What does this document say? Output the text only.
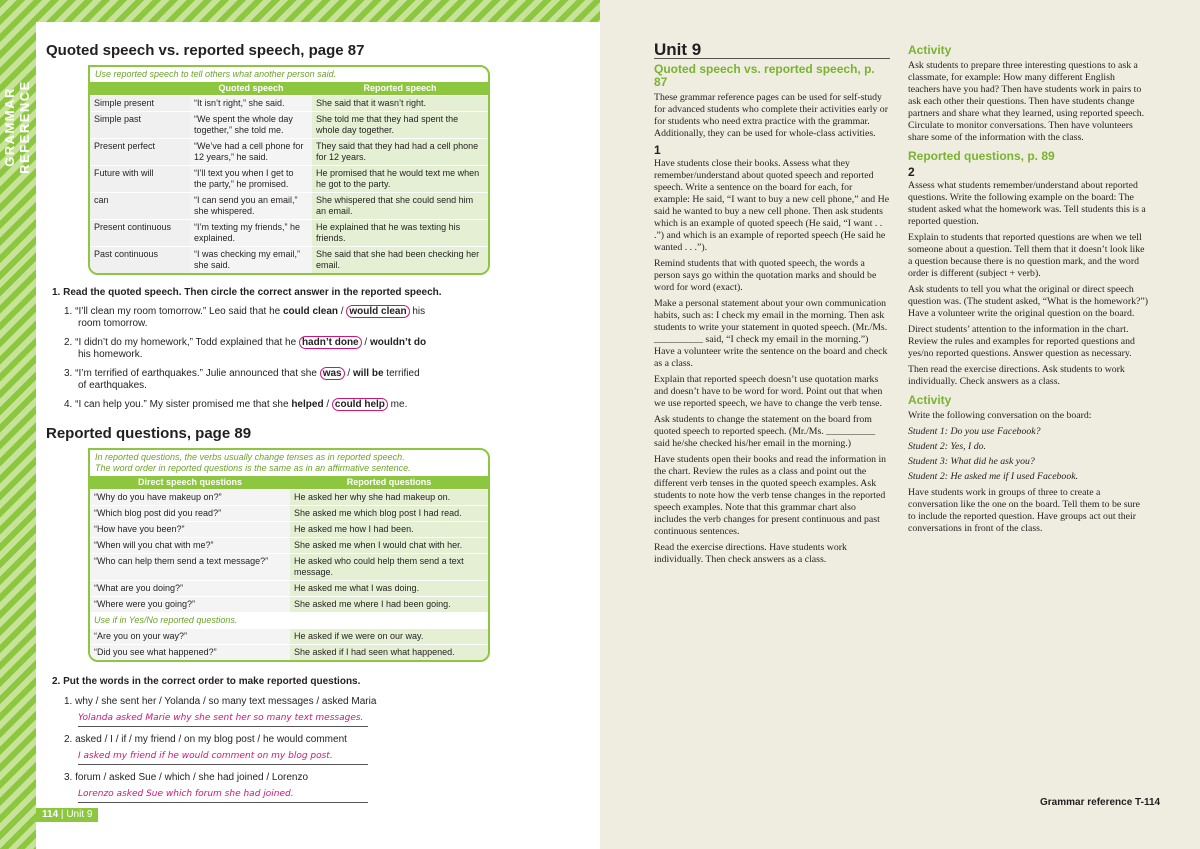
GRAMMAR REFERENCE
Quoted speech vs. reported speech, page 87
Use reported speech to tell others what another person said.
	Quoted speech	Reported speech
Simple present	“It isn’t right,” she said.	She said that it wasn’t right.
Simple past	“We spent the whole day together,” she told me.	She told me that they had spent the whole day together.
Present perfect	“We’ve had a cell phone for 12 years,” he said.	They said that they had had a cell phone for 12 years.
Future with will	“I’ll text you when I get to the party,” he promised.	He promised that he would text me when he got to the party.
can	“I can send you an email,” she whispered.	She whispered that she could send him an email.
Present continuous	“I’m texting my friends,” he explained.	He explained that he was texting his friends.
Past continuous	“I was checking my email,” she said.	She said that she had been checking her email.
1. Read the quoted speech. Then circle the correct answer in the reported speech.
1. “I’ll clean my room tomorrow.” Leo said that he could clean / would clean his
room tomorrow.
2. “I didn’t do my homework,” Todd explained that he hadn’t done / wouldn’t do
his homework.
3. “I’m terrified of earthquakes.” Julie announced that she was / will be terrified
of earthquakes.
4. “I can help you.” My sister promised me that she helped / could help me.
Reported questions, page 89
In reported questions, the verbs usually change tenses as in reported speech.
The word order in reported questions is the same as in an affirmative sentence.
Direct speech questions	Reported questions
“Why do you have makeup on?”	He asked her why she had makeup on.
“Which blog post did you read?”	She asked me which blog post I had read.
“How have you been?”	He asked me how I had been.
“When will you chat with me?”	She asked me when I would chat with her.
“Who can help them send a text message?”	He asked who could help them send a text message.
“What are you doing?”	He asked me what I was doing.
“Where were you going?”	She asked me where I had been going.
Use if in Yes/No reported questions.	
“Are you on your way?”	He asked if we were on our way.
“Did you see what happened?”	She asked if I had seen what happened.
2. Put the words in the correct order to make reported questions.
1. why / she sent her / Yolanda / so many text messages / asked Maria
Yolanda asked Marie why she sent her so many text messages.
2. asked / I / if / my friend / on my blog post / he would comment
I asked my friend if he would comment on my blog post.
3. forum / asked Sue / which / she had joined / Lorenzo
Lorenzo asked Sue which forum she had joined.
114 | Unit 9
Unit 9
Quoted speech vs. reported speech, p. 87

These grammar reference pages can be used for self-study for advanced students who complete their activities early or for students who need extra practice with the grammar. Additionally, they can be used for whole-class activities.

1

Have students close their books. Assess what they remember/understand about quoted speech and reported speech. Write a sentence on the board for each, for example: He said, “I want to buy a new cell phone,” and He said he wanted to buy a new cell phone. Then ask students which is an example of quoted speech (He said, “I want . . .”) and which is an example of reported speech (He said he wanted . . .”).

Remind students that with quoted speech, the words a person says go within the quotation marks and should be word for word (exact).

Make a personal statement about your own communication habits, such as: I check my email in the morning. Then ask students to write your statement in quoted speech. (Mr./Ms. __________ said, “I check my email in the morning.”) Have a volunteer write the sentence on the board and check as a class.

Explain that reported speech doesn’t use quotation marks and doesn’t have to be word for word. Point out that when we use reported speech, we have to change the verb tense.

Ask students to change the statement on the board from quoted speech to reported speech. (Mr./Ms. __________ said he/she checked his/her email in the morning.)

Have students open their books and read the information in the chart. Review the rules as a class and point out the different verb tenses in the quoted speech examples. Ask students to note how the verb tense changes in the reported speech examples. Note that this grammar chart also includes the verb changes for present continuous and past continuous sentences.

Read the exercise directions. Have students work individually. Then check answers as a class.

Activity

Ask students to prepare three interesting questions to ask a classmate, for example: How many different English teachers have you had? Then have students work in pairs to ask each other their questions. Then have students change partners and share what they learned, using reported speech. Circulate to monitor conversations. Then have volunteers share some of the information with the class.

Reported questions, p. 89
2

Assess what students remember/understand about reported questions. Write the following example on the board: The student asked what the homework was. Tell students this is a reported question.

Explain to students that reported questions are when we tell someone about a question. Tell them that it doesn’t look like a question because there is no question mark, and the word order is different (subject + verb).

Ask students to tell you what the original or direct speech question was. (The student asked, “What is the homework?”) Have a volunteer write the original question on the board.

Direct students’ attention to the information in the chart. Review the rules and examples for reported questions and yes/no reported questions. Answer question as necessary.

Then read the exercise directions. Ask students to work individually. Check answers as a class.

Activity

Write the following conversation on the board:

Student 1: Do you use Facebook?
Student 2: Yes, I do.
Student 3: What did he ask you?
Student 2: He asked me if I used Facebook.

Have students work in groups of three to create a conversation like the one on the board. Tell them to be sure to include the reported question. Have groups act out their conversations in front of the class.

Grammar reference T-114
